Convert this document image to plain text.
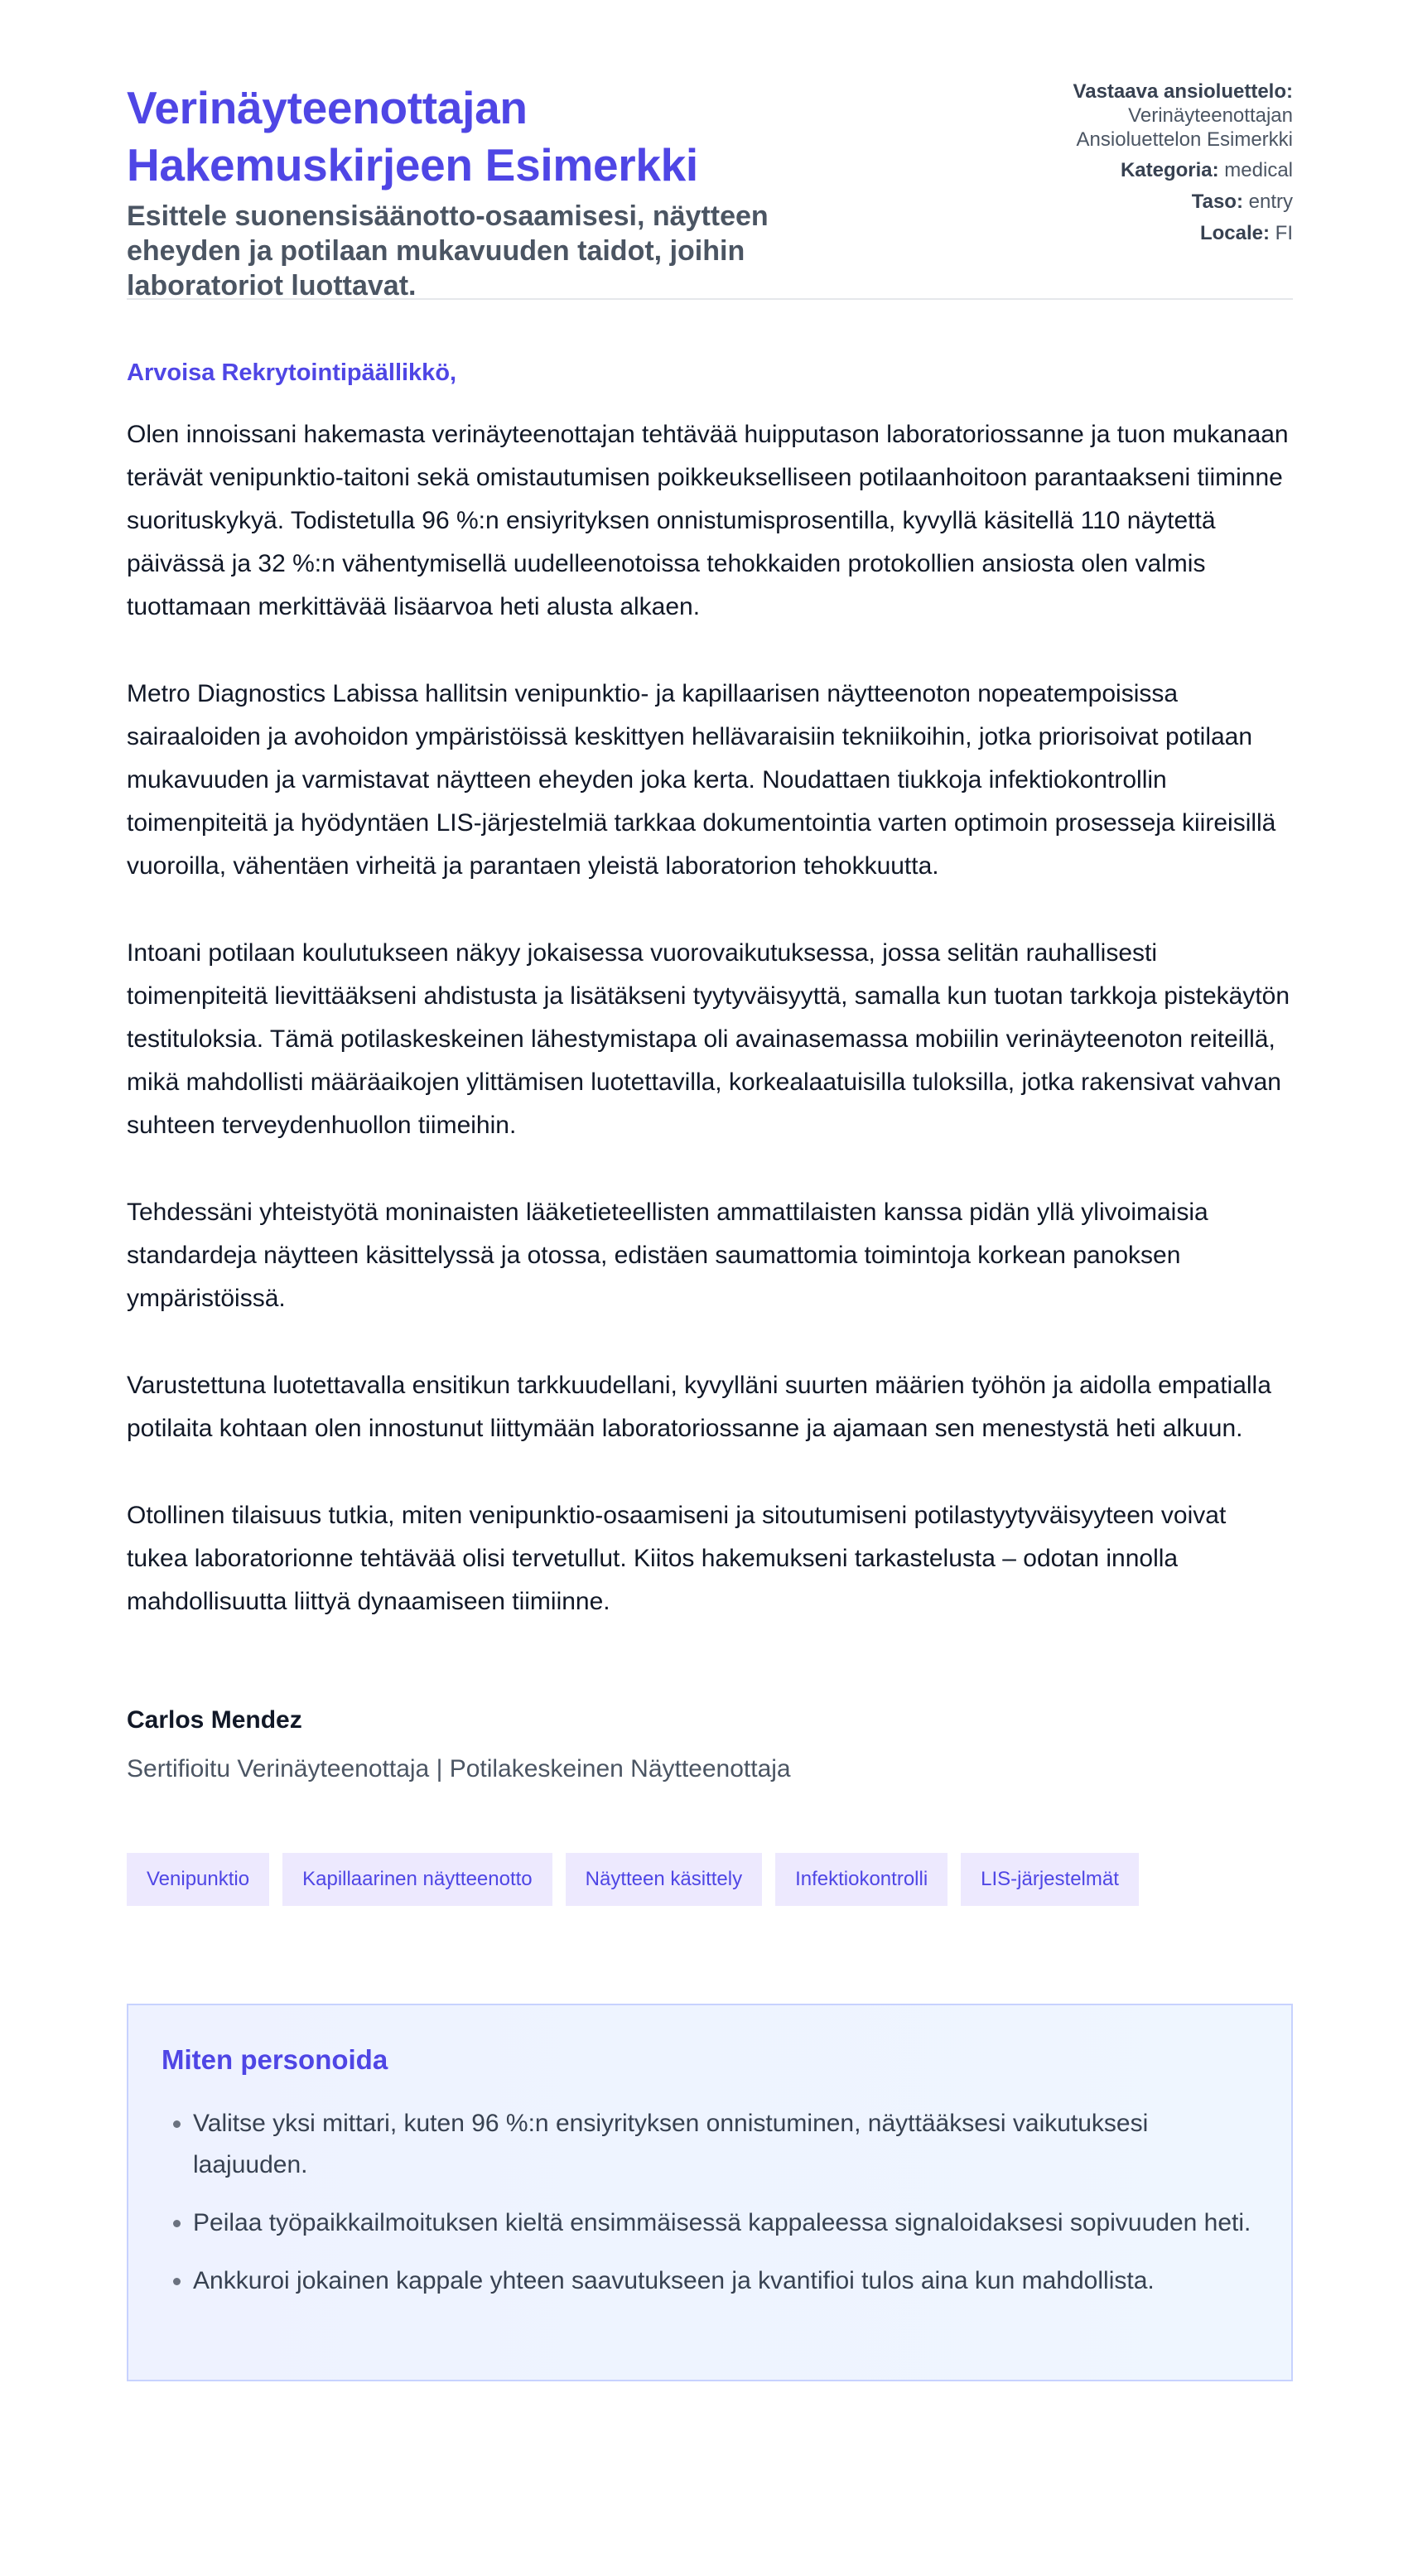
Verinäyteenottajan
Hakemuskirjeen Esimerkki
Esittele suonensisäänotto-osaamisesi, näytteen eheyden ja potilaan mukavuuden taidot, joihin laboratoriot luottavat.
Vastaava ansioluettelo:
Verinäyteenottajan
Ansioluettelon Esimerkki
Kategoria: medical
Taso: entry
Locale: FI
Arvoisa Rekrytointipäällikkö,

Olen innoissani hakemasta verinäyteenottajan tehtävää huipputason laboratoriossanne ja tuon mukanaan terävät venipunktio-taitoni sekä omistautumisen poikkeukselliseen potilaanhoitoon parantaakseni tiiminne suorituskykyä. Todistetulla 96 %:n ensiyrityksen onnistumisprosentilla, kyvyllä käsitellä 110 näytettä päivässä ja 32 %:n vähentymisellä uudelleenotoissa tehokkaiden protokollien ansiosta olen valmis tuottamaan merkittävää lisäarvoa heti alusta alkaen.

Metro Diagnostics Labissa hallitsin venipunktio- ja kapillaarisen näytteenoton nopeatempoisissa sairaaloiden ja avohoidon ympäristöissä keskittyen hellävaraisiin tekniikoihin, jotka priorisoivat potilaan mukavuuden ja varmistavat näytteen eheyden joka kerta. Noudattaen tiukkoja infektiokontrollin toimenpiteitä ja hyödyntäen LIS-järjestelmiä tarkkaa dokumentointia varten optimoin prosesseja kiireisillä vuoroilla, vähentäen virheitä ja parantaen yleistä laboratorion tehokkuutta.

Intoani potilaan koulutukseen näkyy jokaisessa vuorovaikutuksessa, jossa selitän rauhallisesti toimenpiteitä lievittääkseni ahdistusta ja lisätäkseni tyytyväisyyttä, samalla kun tuotan tarkkoja pistekäytön testituloksia. Tämä potilaskeskeinen lähestymistapa oli avainasemassa mobiilin verinäyteenoton reiteillä, mikä mahdollisti määräaikojen ylittämisen luotettavilla, korkealaatuisilla tuloksilla, jotka rakensivat vahvan suhteen terveydenhuollon tiimeihin.

Tehdessäni yhteistyötä moninaisten lääketieteellisten ammattilaisten kanssa pidän yllä ylivoimaisia standardeja näytteen käsittelyssä ja otossa, edistäen saumattomia toimintoja korkean panoksen ympäristöissä.

Varustettuna luotettavalla ensitikun tarkkuudellani, kyvylläni suurten määrien työhön ja aidolla empatialla potilaita kohtaan olen innostunut liittymään laboratoriossanne ja ajamaan sen menestystä heti alkuun.

Otollinen tilaisuus tutkia, miten venipunktio-osaamiseni ja sitoutumiseni potilastyytyväisyyteen voivat tukea laboratorionne tehtävää olisi tervetullut. Kiitos hakemukseni tarkastelusta – odotan innolla mahdollisuutta liittyä dynaamiseen tiimiinne.

Carlos Mendez
Sertifioitu Verinäyteenottaja | Potilakeskeinen Näytteenottaja
Venipunktio	Kapillaarinen näytteenotto	Näytteen käsittely	Infektiokontrolli	LIS-järjestelmät
Miten personoida
• Valitse yksi mittari, kuten 96 %:n ensiyrityksen onnistuminen, näyttääksesi vaikutuksesi laajuuden.
• Peilaa työpaikkailmoituksen kieltä ensimmäisessä kappaleessa signaloidaksesi sopivuuden heti.
• Ankkuroi jokainen kappale yhteen saavutukseen ja kvantifioi tulos aina kun mahdollista.
